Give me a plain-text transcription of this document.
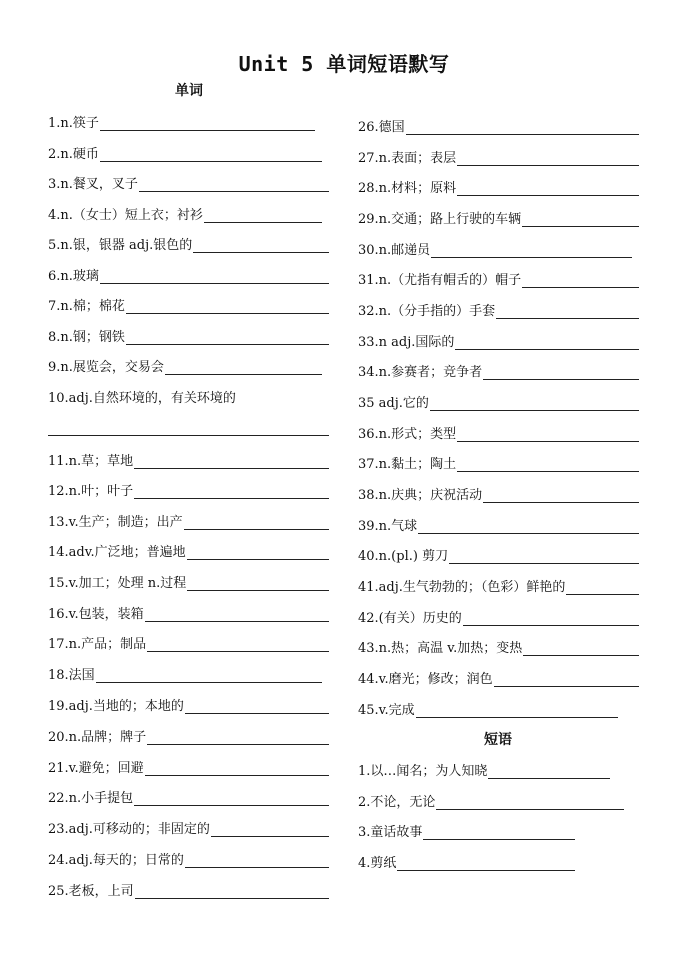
Unit 5 单词短语默写
单词
1.n.筷子
2.n.硬币
3.n.餐叉，叉子
4.n.（女士）短上衣；衬衫
5.n.银，银器 adj.银色的
6.n.玻璃
7.n.棉；棉花
8.n.钢；钢铁
9.n.展览会，交易会
10.adj.自然环境的，有关环境的
11.n.草；草地
12.n.叶；叶子
13.v.生产；制造；出产
14.adv.广泛地；普遍地
15.v.加工；处理 n.过程
16.v.包装，装箱
17.n.产品；制品
18.法国
19.adj.当地的；本地的
20.n.品牌；牌子
21.v.避免；回避
22.n.小手提包
23.adj.可移动的；非固定的
24.adj.每天的；日常的
25.老板，上司
26.德国
27.n.表面；表层
28.n.材料；原料
29.n.交通；路上行驶的车辆
30.n.邮递员
31.n.（尤指有帽舌的）帽子
32.n.（分手指的）手套
33.n adj.国际的
34.n.参赛者；竞争者
35 adj.它的
36.n.形式；类型
37.n.黏土；陶土
38.n.庆典；庆祝活动
39.n.气球
40.n.(pl.) 剪刀
41.adj.生气勃勃的；（色彩）鲜艳的
42.(有关）历史的
43.n.热；高温 v.加热；变热
44.v.磨光；修改；润色
45.v.完成
短语
1.以…闻名；为人知晓
2.不论，无论
3.童话故事
4.剪纸
